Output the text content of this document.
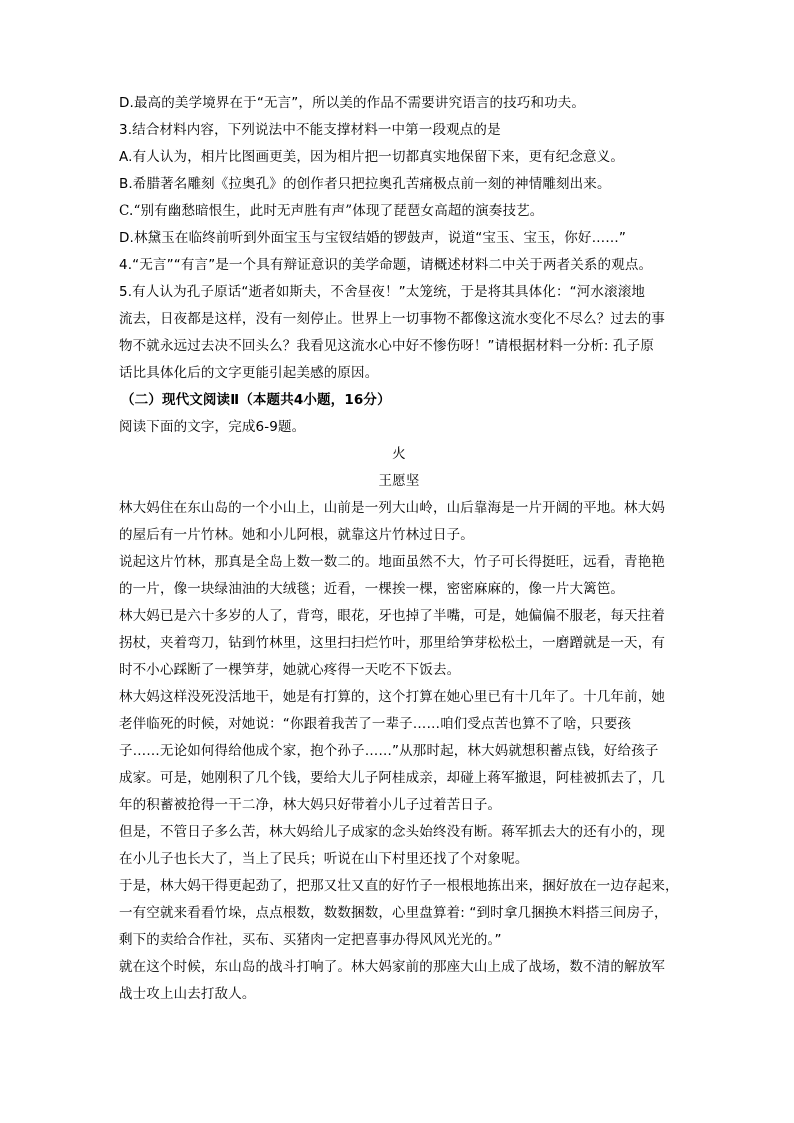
D.最高的美学境界在于“无言”，所以美的作品不需要讲究语言的技巧和功夫。

3.结合材料内容，下列说法中不能支撑材料一中第一段观点的是

A.有人认为，相片比图画更美，因为相片把一切都真实地保留下来，更有纪念意义。

B.希腊著名雕刻《拉奥孔》的创作者只把拉奥孔苦痛极点前一刻的神情雕刻出来。

C.“别有幽愁暗恨生，此时无声胜有声”体现了琵琶女高超的演奏技艺。

D.林黛玉在临终前听到外面宝玉与宝钗结婚的锣鼓声，说道“宝玉、宝玉，你好……”

4.“无言”“有言”是一个具有辩证意识的美学命题，请概述材料二中关于两者关系的观点。

5.有人认为孔子原话“逝者如斯夫，不舍昼夜！”太笼统，于是将其具体化：“河水滚滚地
流去，日夜都是这样，没有一刻停止。世界上一切事物不都像这流水变化不尽么？过去的事
物不就永远过去决不回头么？我看见这流水心中好不惨伤呀！”请根据材料一分析: 孔子原
话比具体化后的文字更能引起美感的原因。

（二）现代文阅读Ⅱ（本题共4小题，16分）

阅读下面的文字，完成6-9题。

火

王愿坚

林大妈住在东山岛的一个小山上，山前是一列大山岭，山后靠海是一片开阔的平地。林大妈
的屋后有一片竹林。她和小儿阿根，就靠这片竹林过日子。

说起这片竹林，那真是全岛上数一数二的。地面虽然不大，竹子可长得挺旺，远看，青艳艳
的一片，像一块绿油油的大绒毯；近看，一棵挨一棵，密密麻麻的，像一片大篱笆。

林大妈已是六十多岁的人了，背弯，眼花，牙也掉了半嘴，可是，她偏偏不服老，每天拄着
拐杖，夹着弯刀，钻到竹林里，这里扫扫烂竹叶，那里给笋芽松松土，一磨蹭就是一天，有
时不小心踩断了一棵笋芽，她就心疼得一天吃不下饭去。

林大妈这样没死没活地干，她是有打算的，这个打算在她心里已有十几年了。十几年前，她
老伴临死的时候，对她说：“你跟着我苦了一辈子……咱们受点苦也算不了啥，只要孩
子……无论如何得给他成个家，抱个孙子……”从那时起，林大妈就想积蓄点钱，好给孩子
成家。可是，她刚积了几个钱，要给大儿子阿桂成亲，却碰上蒋军撤退，阿桂被抓去了，几
年的积蓄被抢得一干二净，林大妈只好带着小儿子过着苦日子。

但是，不管日子多么苦，林大妈给儿子成家的念头始终没有断。蒋军抓去大的还有小的，现
在小儿子也长大了，当上了民兵；听说在山下村里还找了个对象呢。

于是，林大妈干得更起劲了，把那又壮又直的好竹子一根根地拣出来，捆好放在一边存起来，
一有空就来看看竹垛，点点根数，数数捆数，心里盘算着: “到时拿几捆换木料搭三间房子，
剩下的卖给合作社，买布、买猪肉一定把喜事办得风风光光的。”

就在这个时候，东山岛的战斗打响了。林大妈家前的那座大山上成了战场，数不清的解放军
战士攻上山去打敌人。
